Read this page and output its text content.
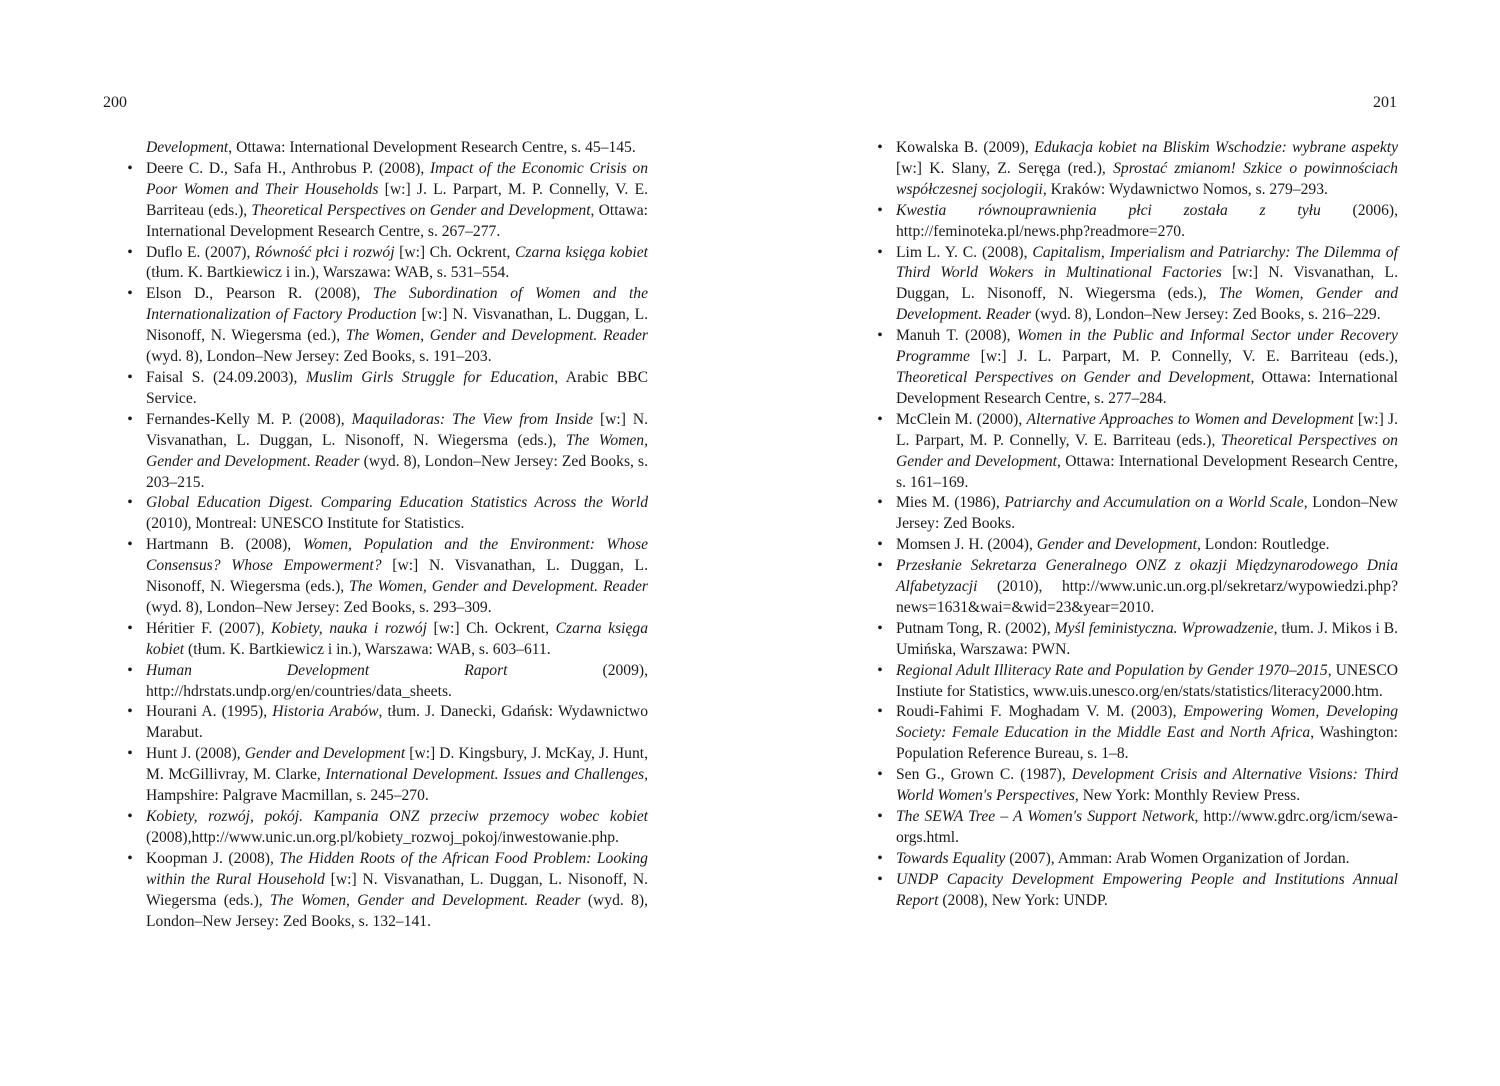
200

Development, Ottawa: International Development Research Centre, s. 45–145.

• Deere C. D., Safa H., Anthrobus P. (2008), Impact of the Economic Crisis on Poor Women and Their Households [w:] J. L. Parpart, M. P. Connelly, V. E. Barriteau (eds.), Theoretical Perspectives on Gender and Development, Ottawa: International Development Research Centre, s. 267–277.
• Duflo E. (2007), Równość płci i rozwój [w:] Ch. Ockrent, Czarna księga kobiet (tłum. K. Bartkiewicz i in.), Warszawa: WAB, s. 531–554.
• Elson D., Pearson R. (2008), The Subordination of Women and the Internationalization of Factory Production [w:] N. Visvanathan, L. Duggan, L. Nisonoff, N. Wiegersma (ed.), The Women, Gender and Development. Reader (wyd. 8), London–New Jersey: Zed Books, s. 191–203.
• Faisal S. (24.09.2003), Muslim Girls Struggle for Education, Arabic BBC Service.
• Fernandes-Kelly M. P. (2008), Maquiladoras: The View from Inside [w:] N. Visvanathan, L. Duggan, L. Nisonoff, N. Wiegersma (eds.), The Women, Gender and Development. Reader (wyd. 8), London–New Jersey: Zed Books, s. 203–215.
• Global Education Digest. Comparing Education Statistics Across the World (2010), Montreal: UNESCO Institute for Statistics.
• Hartmann B. (2008), Women, Population and the Environment: Whose Consensus? Whose Empowerment? [w:] N. Visvanathan, L. Duggan, L. Nisonoff, N. Wiegersma (eds.), The Women, Gender and Development. Reader (wyd. 8), London–New Jersey: Zed Books, s. 293–309.
• Héritier F. (2007), Kobiety, nauka i rozwój [w:] Ch. Ockrent, Czarna księga kobiet (tłum. K. Bartkiewicz i in.), Warszawa: WAB, s. 603–611.
• Human Development Raport (2009), http://hdrstats.undp.org/en/countries/data_sheets.
• Hourani A. (1995), Historia Arabów, tłum. J. Danecki, Gdańsk: Wydawnictwo Marabut.
• Hunt J. (2008), Gender and Development [w:] D. Kingsbury, J. McKay, J. Hunt, M. McGillivray, M. Clarke, International Development. Issues and Challenges, Hampshire: Palgrave Macmillan, s. 245–270.
• Kobiety, rozwój, pokój. Kampania ONZ przeciw przemocy wobec kobiet (2008),http://www.unic.un.org.pl/kobiety_rozwoj_pokoj/inwestowanie.php.
• Koopman J. (2008), The Hidden Roots of the African Food Problem: Looking within the Rural Household [w:] N. Visvanathan, L. Duggan, L. Nisonoff, N. Wiegersma (eds.), The Women, Gender and Development. Reader (wyd. 8), London–New Jersey: Zed Books, s. 132–141.
201
• Kowalska B. (2009), Edukacja kobiet na Bliskim Wschodzie: wybrane aspekty [w:] K. Slany, Z. Seręga (red.), Sprostać zmianom! Szkice o powinnościach współczesnej socjologii, Kraków: Wydawnictwo Nomos, s. 279–293.
• Kwestia równouprawnienia płci została z tyłu (2006), http://feminoteka.pl/news.php?readmore=270.
• Lim L. Y. C. (2008), Capitalism, Imperialism and Patriarchy: The Dilemma of Third World Wokers in Multinational Factories [w:] N. Visvanathan, L. Duggan, L. Nisonoff, N. Wiegersma (eds.), The Women, Gender and Development. Reader (wyd. 8), London–New Jersey: Zed Books, s. 216–229.
• Manuh T. (2008), Women in the Public and Informal Sector under Recovery Programme [w:] J. L. Parpart, M. P. Connelly, V. E. Barriteau (eds.), Theoretical Perspectives on Gender and Development, Ottawa: International Development Research Centre, s. 277–284.
• McClein M. (2000), Alternative Approaches to Women and Development [w:] J. L. Parpart, M. P. Connelly, V. E. Barriteau (eds.), Theoretical Perspectives on Gender and Development, Ottawa: International Development Research Centre, s. 161–169.
• Mies M. (1986), Patriarchy and Accumulation on a World Scale, London–New Jersey: Zed Books.
• Momsen J. H. (2004), Gender and Development, London: Routledge.
• Przesłanie Sekretarza Generalnego ONZ z okazji Międzynarodowego Dnia Alfabetyzacji (2010), http://www.unic.un.org.pl/sekretarz/wypowiedzi.php?news=1631&wai=&wid=23&year=2010.
• Putnam Tong, R. (2002), Myśl feministyczna. Wprowadzenie, tłum. J. Mikos i B. Umińska, Warszawa: PWN.
• Regional Adult Illiteracy Rate and Population by Gender 1970–2015, UNESCO Instiute for Statistics, www.uis.unesco.org/en/stats/statistics/literacy2000.htm.
• Roudi-Fahimi F. Moghadam V. M. (2003), Empowering Women, Developing Society: Female Education in the Middle East and North Africa, Washington: Population Reference Bureau, s. 1–8.
• Sen G., Grown C. (1987), Development Crisis and Alternative Visions: Third World Women's Perspectives, New York: Monthly Review Press.
• The SEWA Tree – A Women's Support Network, http://www.gdrc.org/icm/sewa-orgs.html.
• Towards Equality (2007), Amman: Arab Women Organization of Jordan.
• UNDP Capacity Development Empowering People and Institutions Annual Report (2008), New York: UNDP.
